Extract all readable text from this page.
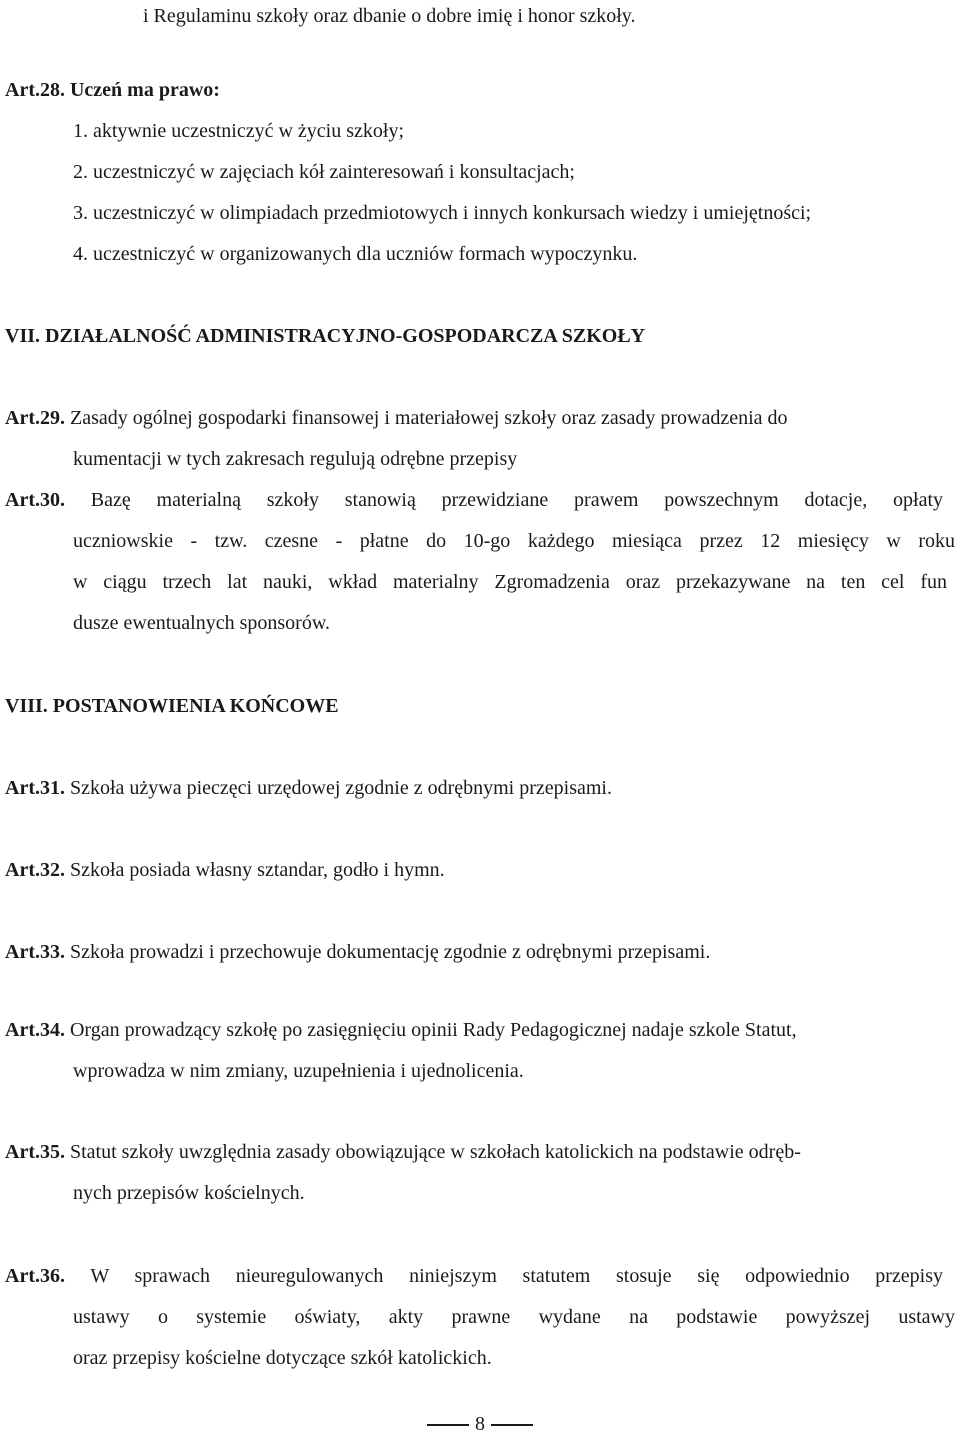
i Regulaminu szkoły oraz dbanie o dobre imię i honor szkoły.
Art.28. Uczeń ma prawo:
1. aktywnie uczestniczyć w życiu szkoły;
2. uczestniczyć w zajęciach kół zainteresowań i konsultacjach;
3. uczestniczyć w olimpiadach przedmiotowych i innych konkursach wiedzy i umiejętności;
4. uczestniczyć w organizowanych dla uczniów formach wypoczynku.
VII. DZIAŁALNOŚĆ ADMINISTRACYJNO-GOSPODARCZA SZKOŁY
Art.29. Zasady ogólnej gospodarki finansowej i materiałowej szkoły oraz zasady prowadzenia do
kumentacji w tych zakresach regulują odrębne przepisy
Art.30. Bazę materialną szkoły stanowią przewidziane prawem powszechnym dotacje, opłaty
uczniowskie - tzw. czesne - płatne do 10-go każdego miesiąca przez 12 miesięcy w roku
w ciągu trzech lat nauki, wkład materialny Zgromadzenia oraz przekazywane na ten cel fun
dusze ewentualnych sponsorów.
VIII. POSTANOWIENIA KOŃCOWE
Art.31. Szkoła używa pieczęci urzędowej zgodnie z odrębnymi przepisami.
Art.32. Szkoła posiada własny sztandar, godło i hymn.
Art.33. Szkoła prowadzi i przechowuje dokumentację zgodnie z odrębnymi przepisami.
Art.34. Organ prowadzący szkołę po zasięgnięciu opinii Rady Pedagogicznej nadaje szkole Statut,
wprowadza w nim zmiany, uzupełnienia i ujednolicenia.
Art.35. Statut szkoły uwzględnia zasady obowiązujące w szkołach katolickich na podstawie odręb-
nych przepisów kościelnych.
Art.36. W sprawach nieuregulowanych niniejszym statutem stosuje się odpowiednio przepisy
ustawy o systemie oświaty, akty prawne wydane na podstawie powyższej ustawy
oraz przepisy kościelne dotyczące szkół katolickich.
8
